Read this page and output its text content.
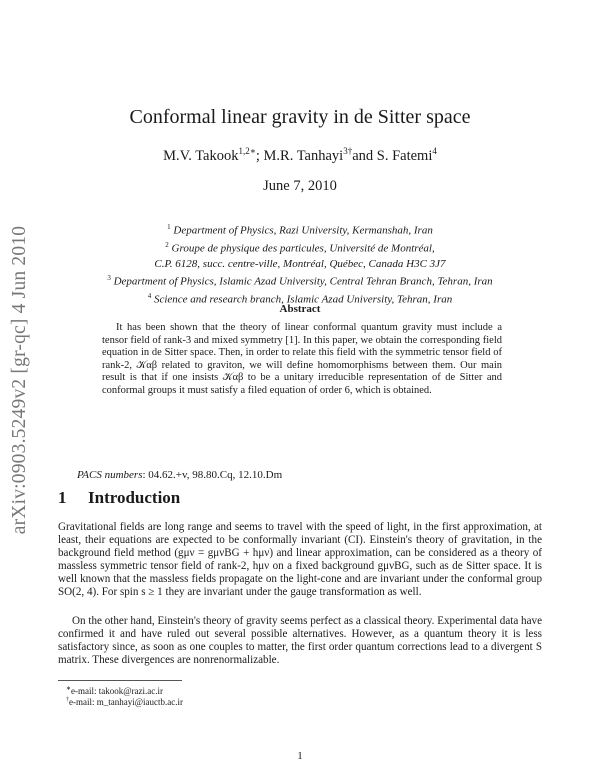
arXiv:0903.5249v2 [gr-qc] 4 Jun 2010
Conformal linear gravity in de Sitter space
M.V. Takook$^{1,2∗}$; M.R. Tanhayi$^{3\dagger}$and S. Fatemi$^4$
June 7, 2010
$^1$ Department of Physics, Razi University, Kermanshah, Iran
$^2$ Groupe de physique des particules, Université de Montréal,
C.P. 6128, succ. centre-ville, Montréal, Québec, Canada H3C 3J7
$^3$ Department of Physics, Islamic Azad University, Central Tehran Branch, Tehran, Iran
$^4$ Science and research branch, Islamic Azad University, Tehran, Iran
Abstract

It has been shown that the theory of linear conformal quantum gravity must include a tensor field of rank-3 and mixed symmetry [1]. In this paper, we obtain the corresponding field equation in de Sitter space. Then, in order to relate this field with the symmetric tensor field of rank-2, 𝒦αβ related to graviton, we will define homomorphisms between them. Our main result is that if one insists 𝒦αβ to be a unitary irreducible representation of de Sitter and conformal groups it must satisfy a filed equation of order 6, which is obtained.

PACS numbers: 04.62.+v, 98.80.Cq, 12.10.Dm

1 Introduction

Gravitational fields are long range and seems to travel with the speed of light, in the first approximation, at least, their equations are expected to be conformally invariant (CI). Einstein's theory of gravitation, in the background field method (gμν = gμνBG + hμν) and linear approximation, can be considered as a theory of massless symmetric tensor field of rank-2, hμν on a fixed background gμνBG, such as de Sitter space. It is well known that the massless fields propagate on the light-cone and are invariant under the conformal group SO(2, 4). For spin s ≥ 1 they are invariant under the gauge transformation as well.

On the other hand, Einstein's theory of gravity seems perfect as a classical theory. Experimental data have confirmed it and have ruled out several possible alternatives. However, as a quantum theory it is less satisfactory since, as soon as one couples to matter, the first order quantum corrections lead to a divergent S matrix. These divergences are nonrenormalizable.

∗e-mail: takook@razi.ac.ir
†e-mail: m_tanhayi@iauctb.ac.ir
1
